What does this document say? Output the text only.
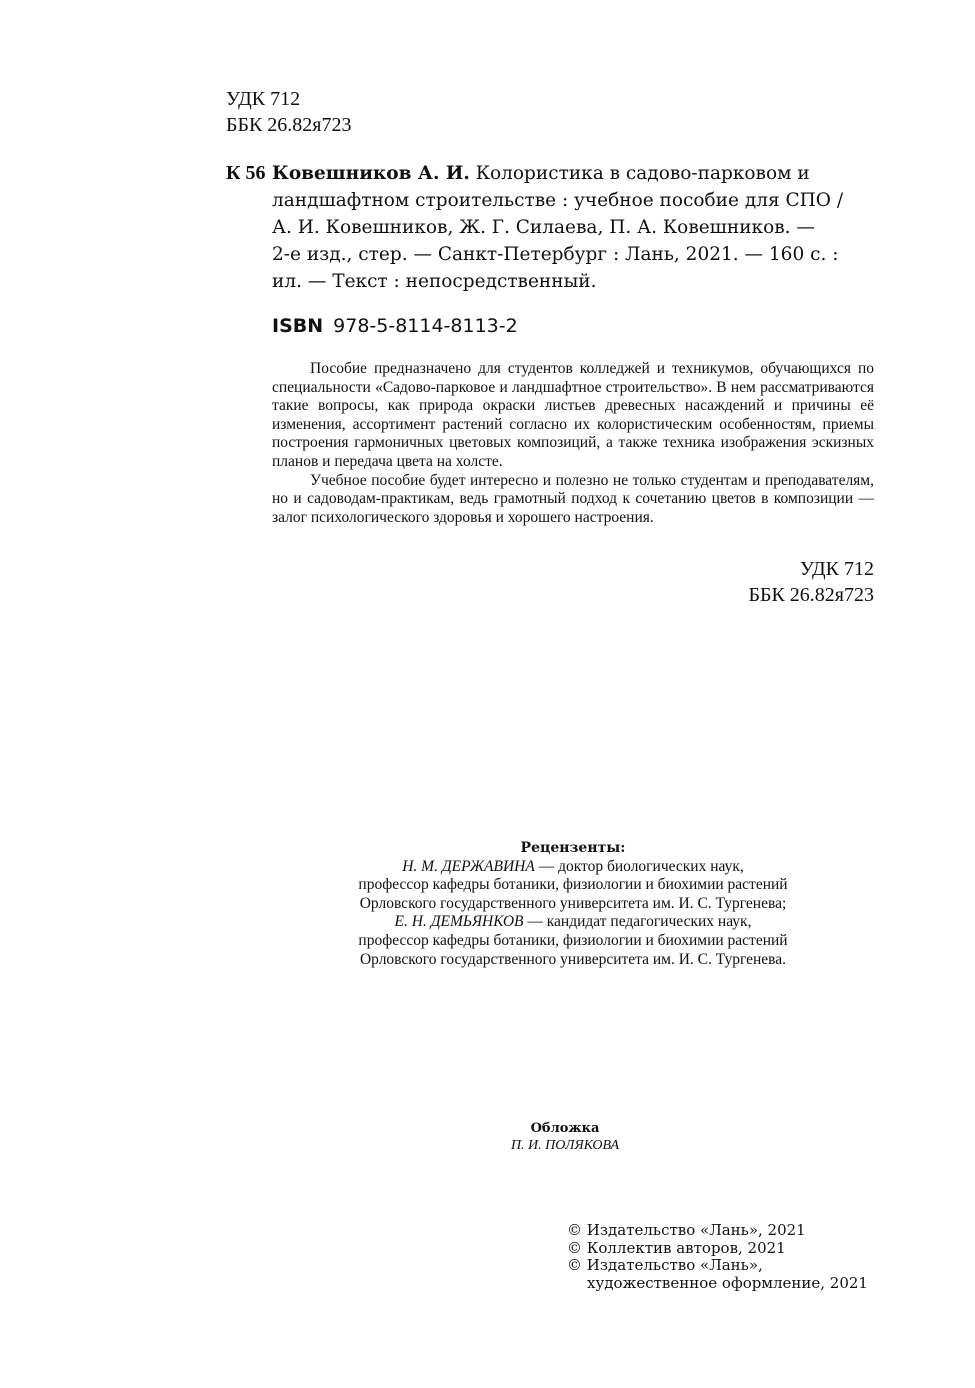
УДК 712
ББК 26.82я723
К 56 Ковешников А. И. Колористика в садово-парковом и
ландшафтном строительстве : учебное пособие для СПО /
А. И. Ковешников, Ж. Г. Силаева, П. А. Ковешников. —
2-е изд., стер. — Санкт-Петербург : Лань, 2021. — 160 с. :
ил. — Текст : непосредственный.
ISBN 978-5-8114-8113-2

Пособие предназначено для студентов колледжей и техникумов, обучающихся по специальности «Садово-парковое и ландшафтное строительство». В нем рассматриваются такие вопросы, как природа окраски листьев древесных насаждений и причины её изменения, ассортимент растений согласно их колористическим особенностям, приемы построения гармоничных цветовых композиций, а также техника изображения эскизных планов и передача цвета на холсте.

Учебное пособие будет интересно и полезно не только студентам и преподавателям, но и садоводам-практикам, ведь грамотный подход к сочетанию цветов в композиции — залог психологического здоровья и хорошего настроения.

УДК 712
ББК 26.82я723
Рецензенты:
Н. М. ДЕРЖАВИНА — доктор биологических наук,
профессор кафедры ботаники, физиологии и биохимии растений
Орловского государственного университета им. И. С. Тургенева;
Е. Н. ДЕМЬЯНКОВ — кандидат педагогических наук,
профессор кафедры ботаники, физиологии и биохимии растений
Орловского государственного университета им. И. С. Тургенева.
Обложка
П. И. ПОЛЯКОВА
© Издательство «Лань», 2021
© Коллектив авторов, 2021
© Издательство «Лань»,
художественное оформление, 2021
